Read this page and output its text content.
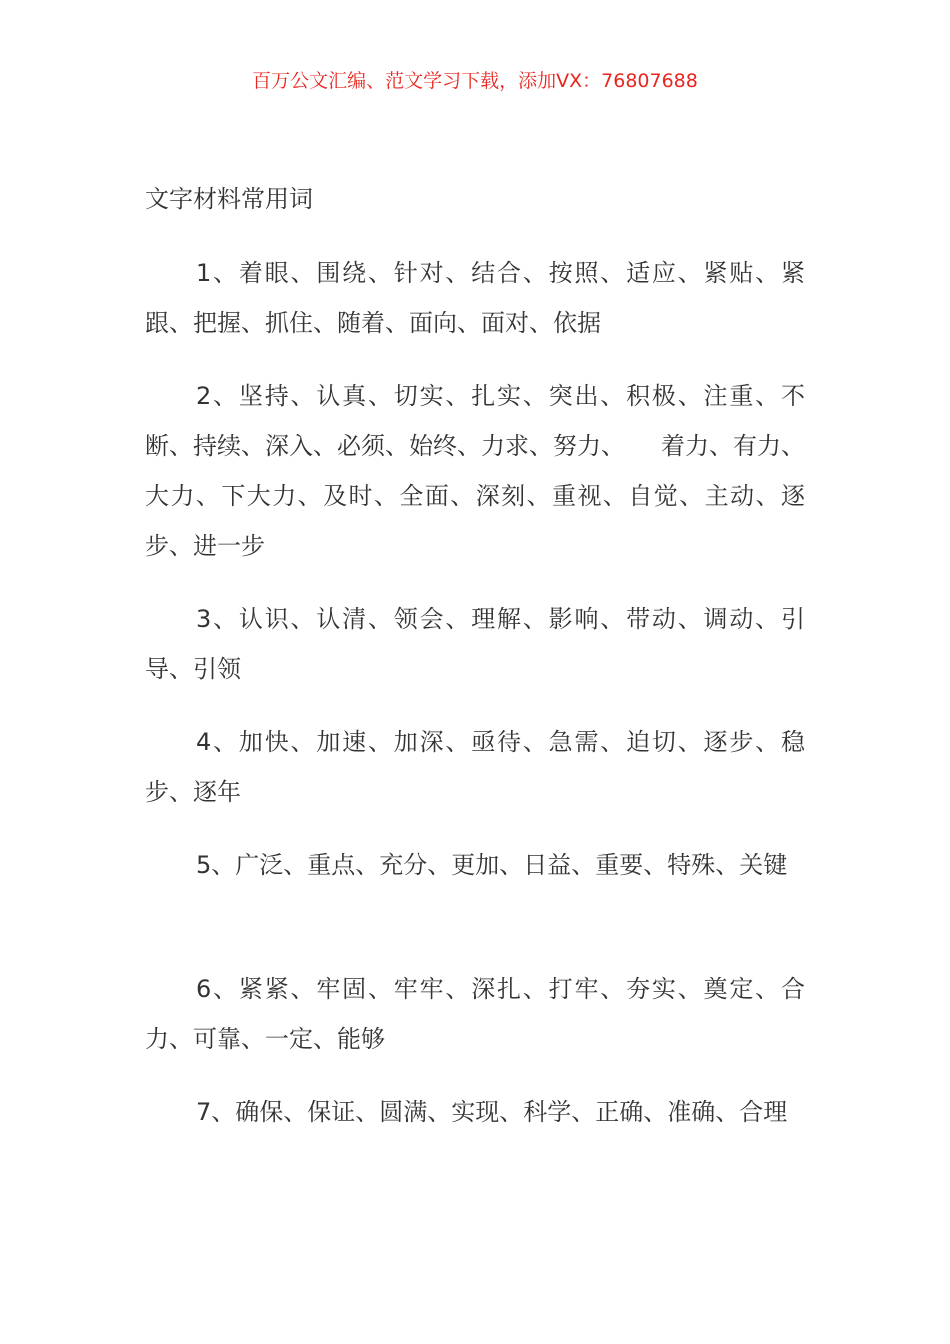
百万公文汇编、范文学习下载，添加VX：76807688
文字材料常用词

1、着眼、围绕、针对、结合、按照、适应、紧贴、紧跟、把握、抓住、随着、面向、面对、依据

2、坚持、认真、切实、扎实、突出、积极、注重、不断、持续、深入、必须、始终、力求、努力、　　着力、有力、大力、下大力、及时、全面、深刻、重视、自觉、主动、逐步、进一步

3、认识、认清、领会、理解、影响、带动、调动、引导、引领

4、加快、加速、加深、亟待、急需、迫切、逐步、稳步、逐年

5、广泛、重点、充分、更加、日益、重要、特殊、关键

6、紧紧、牢固、牢牢、深扎、打牢、夯实、奠定、合力、可靠、一定、能够

7、确保、保证、圆满、实现、科学、正确、准确、合理
